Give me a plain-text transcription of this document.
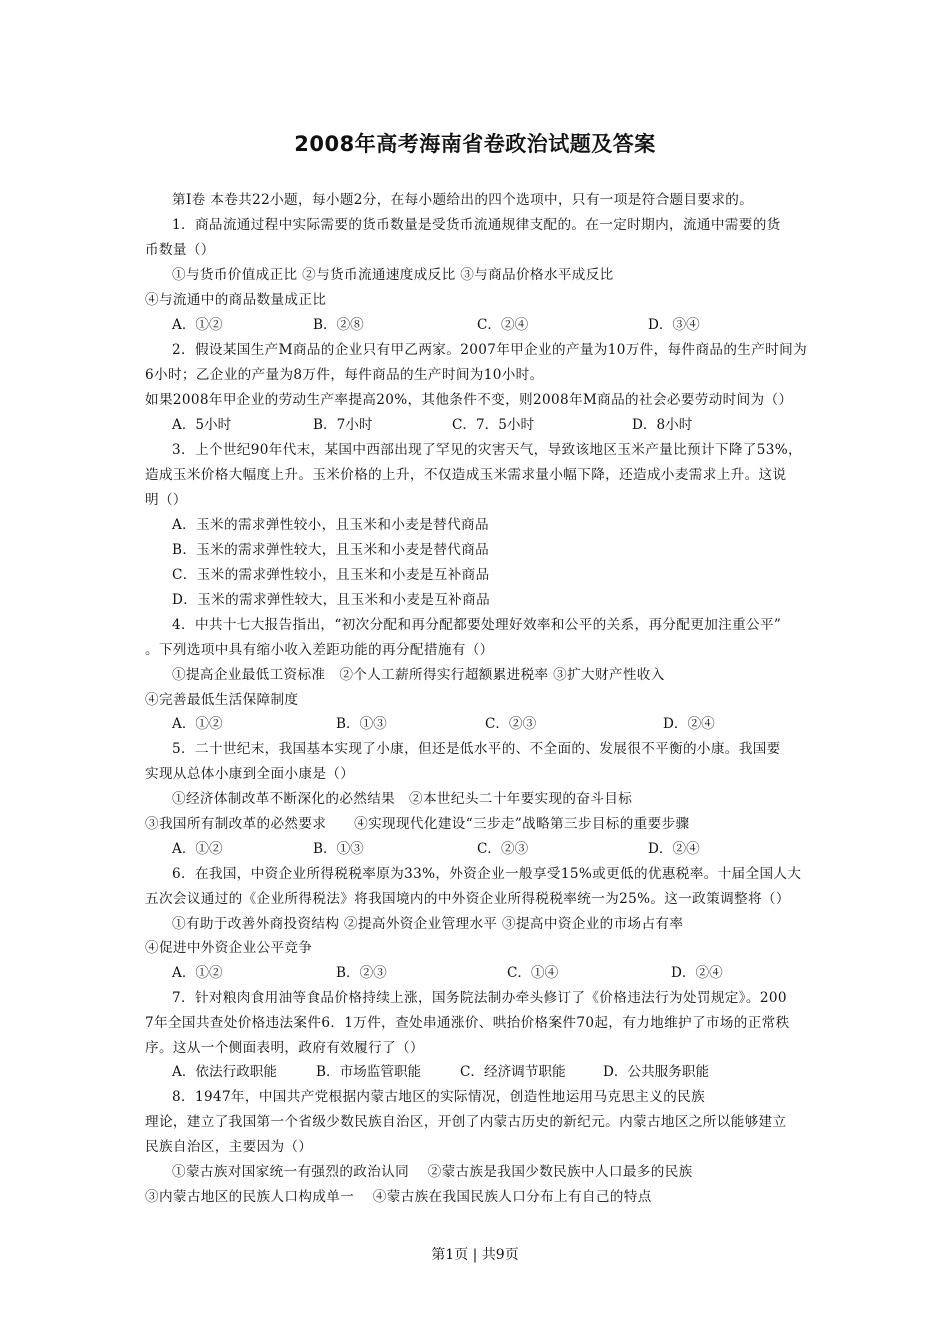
2008年高考海南省卷政治试题及答案
第Ⅰ卷 本卷共22小题，每小题2分，在每小题给出的四个选项中，只有一项是符合题目要求的。
1．商品流通过程中实际需要的货币数量是受货币流通规律支配的。在一定时期内，流通中需要的货
币数量（）
①与货币价值成正比 ②与货币流通速度成反比 ③与商品价格水平成反比
④与流通中的商品数量成正比
A．①②	B．②⑧	C．②④	D．③④
2．假设某国生产M商品的企业只有甲乙两家。2007年甲企业的产量为10万件，每件商品的生产时间为
6小时；乙企业的产量为8万件，每件商品的生产时间为10小时。
如果2008年甲企业的劳动生产率提高20%，其他条件不变，则2008年M商品的社会必要劳动时间为（）
A．5小时	B．7小时	C．7．5小时	D．8小时
3．上个世纪90年代末，某国中西部出现了罕见的灾害天气，导致该地区玉米产量比预计下降了53%，
造成玉米价格大幅度上升。玉米价格的上升，不仅造成玉米需求量小幅下降，还造成小麦需求上升。这说
明（）
A．玉米的需求弹性较小，且玉米和小麦是替代商品
B．玉米的需求弹性较大，且玉米和小麦是替代商品
C．玉米的需求弹性较小，且玉米和小麦是互补商品
D．玉米的需求弹性较大，且玉米和小麦是互补商品
4．中共十七大报告指出，“初次分配和再分配都要处理好效率和公平的关系，再分配更加注重公平”
。下列选项中具有缩小收入差距功能的再分配措施有（）
①提高企业最低工资标准　②个人工薪所得实行超额累进税率 ③扩大财产性收入
④完善最低生活保障制度
A．①②	B．①③	C．②③	D．②④
5．二十世纪末，我国基本实现了小康，但还是低水平的、不全面的、发展很不平衡的小康。我国要
实现从总体小康到全面小康是（）
①经济体制改革不断深化的必然结果　②本世纪头二十年要实现的奋斗目标
③我国所有制改革的必然要求　　④实现现代化建设“三步走”战略第三步目标的重要步骤
A．①②	B．①③	C．②③	D．②④
6．在我国，中资企业所得税税率原为33%，外资企业一般享受15%或更低的优惠税率。十届全国人大
五次会议通过的《企业所得税法》将我国境内的中外资企业所得税税率统一为25%。这一政策调整将（）
①有助于改善外商投资结构 ②提高外资企业管理水平 ③提高中资企业的市场占有率
④促进中外资企业公平竞争
A．①②	B．②③	C．①④	D．②④
7．针对粮肉食用油等食品价格持续上涨，国务院法制办牵头修订了《价格违法行为处罚规定》。200
7年全国共查处价格违法案件6．1万件，查处串通涨价、哄抬价格案件70起，有力地维护了市场的正常秩
序。这从一个侧面表明，政府有效履行了（）
A．依法行政职能	B．市场监管职能	C．经济调节职能	D．公共服务职能
8．1947年，中国共产党根据内蒙古地区的实际情况，创造性地运用马克思主义的民族
理论，建立了我国第一个省级少数民族自治区，开创了内蒙古历史的新纪元。内蒙古地区之所以能够建立
民族自治区，主要因为（）
①蒙古族对国家统一有强烈的政治认同　 ②蒙古族是我国少数民族中人口最多的民族
③内蒙古地区的民族人口构成单一　 ④蒙古族在我国民族人口分布上有自己的特点
第1页 | 共9页
